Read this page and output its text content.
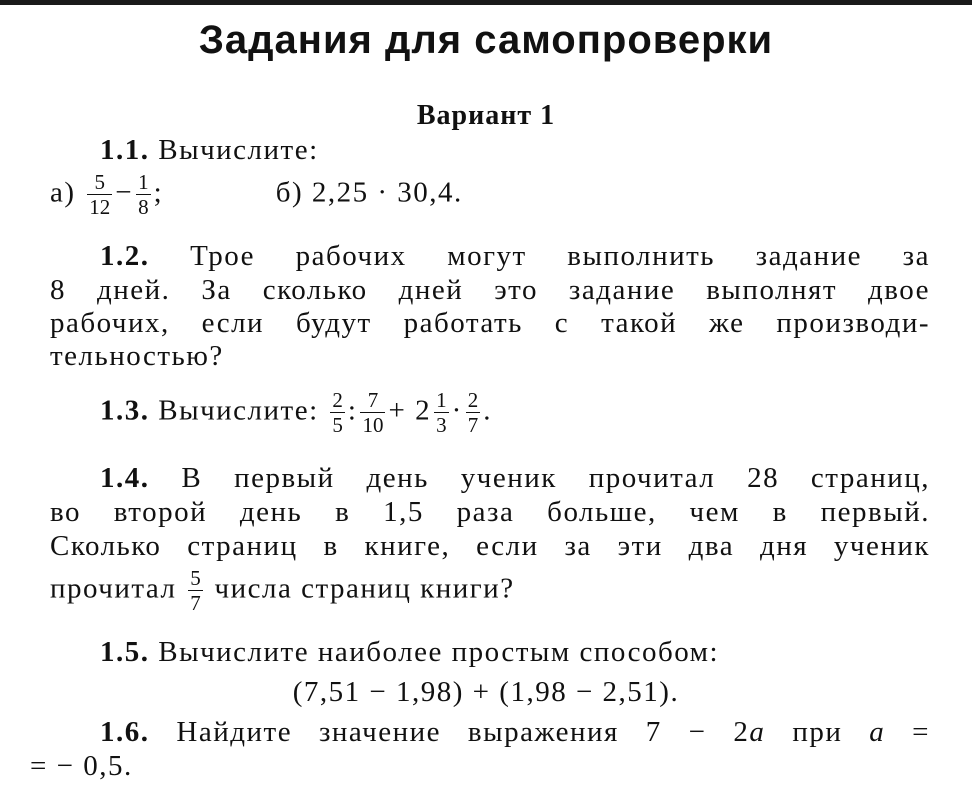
Задания для самопроверки
Вариант 1
1.1. Вычислите:
$а) \frac{5}{12} - \frac{1}{8}$ ;	б) 2,25 · 30,4.
1.2. Трое рабочих могут выполнить задание за
8 дней. За сколько дней это задание выполнят двое
рабочих, если будут работать с такой же производи-
тельностью?
1.3. Вычислите: $\frac{2}{5}$ : $\frac{7}{10} + 2 \frac{1}{3} \cdot \frac{2}{7}$ .
1.4. В первый день ученик прочитал 28 страниц,
во второй день в 1,5 раза больше, чем в первый.
Сколько страниц в книге, если за эти два дня ученик
прочитал $\frac{5}{7}$ числа страниц книги?
1.5. Вычислите наиболее простым способом:
(7,51 − 1,98) + (1,98 − 2,51).
1.6. Найдите значение выражения 7 − 2a при a =
= − 0,5.
